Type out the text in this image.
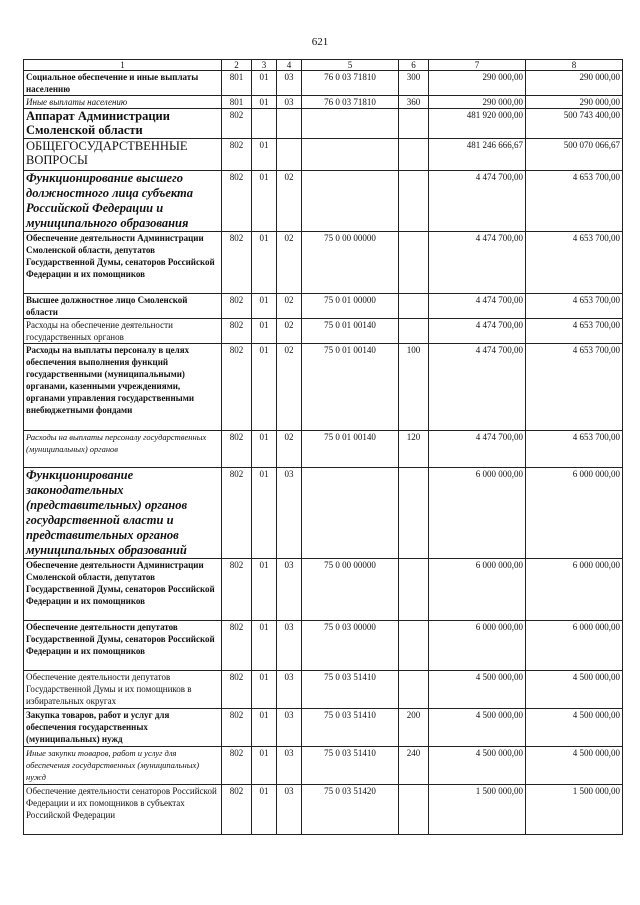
621
1	2	3	4	5	6	7	8
Социальное обеспечение и иные выплаты населению	801	01	03	76 0 03 71810	300	290 000,00	290 000,00
Иные выплаты населению	801	01	03	76 0 03 71810	360	290 000,00	290 000,00
Аппарат Администрации Смоленской области	802					481 920 000,00	500 743 400,00
ОБЩЕГОСУДАРСТВЕННЫЕ ВОПРОСЫ	802	01				481 246 666,67	500 070 066,67
Функционирование высшего должностного лица субъекта Российской Федерации и муниципального образования	802	01	02			4 474 700,00	4 653 700,00
Обеспечение деятельности Администрации Смоленской области, депутатов Государственной Думы, сенаторов Российской Федерации и их помощников	802	01	02	75 0 00 00000		4 474 700,00	4 653 700,00
Высшее должностное лицо Смоленской области	802	01	02	75 0 01 00000		4 474 700,00	4 653 700,00
Расходы на обеспечение деятельности государственных органов	802	01	02	75 0 01 00140		4 474 700,00	4 653 700,00
Расходы на выплаты персоналу в целях обеспечения выполнения функций государственными (муниципальными) органами, казенными учреждениями, органами управления государственными внебюджетными фондами	802	01	02	75 0 01 00140	100	4 474 700,00	4 653 700,00
Расходы на выплаты персоналу государственных (муниципальных) органов	802	01	02	75 0 01 00140	120	4 474 700,00	4 653 700,00
Функционирование законодательных (представительных) органов государственной власти и представительных органов муниципальных образований	802	01	03			6 000 000,00	6 000 000,00
Обеспечение деятельности Администрации Смоленской области, депутатов Государственной Думы, сенаторов Российской Федерации и их помощников	802	01	03	75 0 00 00000		6 000 000,00	6 000 000,00
Обеспечение деятельности депутатов Государственной Думы, сенаторов Российской Федерации и их помощников	802	01	03	75 0 03 00000		6 000 000,00	6 000 000,00
Обеспечение деятельности депутатов Государственной Думы и их помощников в избирательных округах	802	01	03	75 0 03 51410		4 500 000,00	4 500 000,00
Закупка товаров, работ и услуг для обеспечения государственных (муниципальных) нужд	802	01	03	75 0 03 51410	200	4 500 000,00	4 500 000,00
Иные закупки товаров, работ и услуг для обеспечения государственных (муниципальных) нужд	802	01	03	75 0 03 51410	240	4 500 000,00	4 500 000,00
Обеспечение деятельности сенаторов Российской Федерации и их помощников в субъектах Российской Федерации	802	01	03	75 0 03 51420		1 500 000,00	1 500 000,00
